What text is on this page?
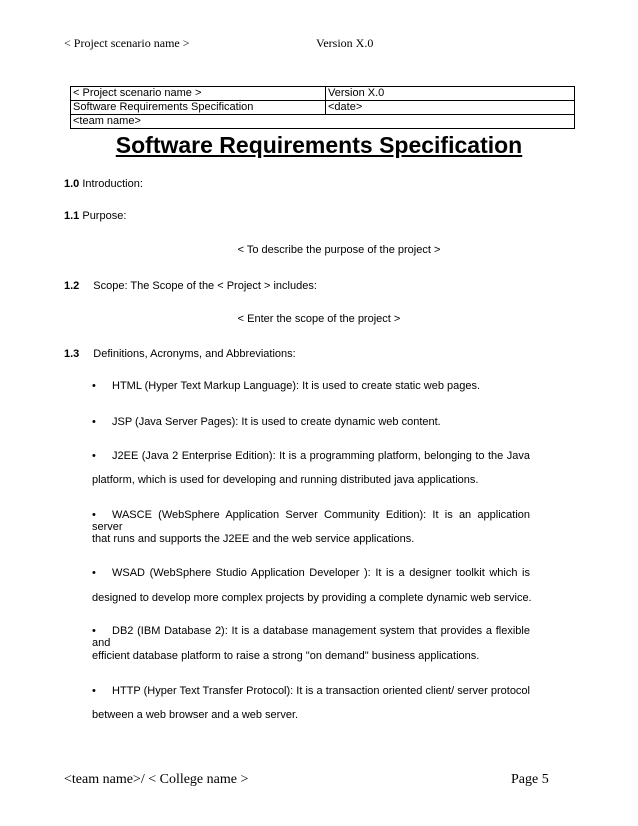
< Project scenario name >	Version X.0
< Project scenario name >	Version X.0
Software Requirements Specification	<date>
<team name>	
Software Requirements Specification
1.0 Introduction:
1.1 Purpose:
< To describe the purpose of the project >
1.2 Scope: The Scope of the < Project > includes:
< Enter the scope of the project >
1.3 Definitions, Acronyms, and Abbreviations:
• HTML (Hyper Text Markup Language): It is used to create static web pages.
• JSP (Java Server Pages): It is used to create dynamic web content.
• J2EE (Java 2 Enterprise Edition): It is a programming platform, belonging to the Java
platform, which is used for developing and running distributed java applications.
• WASCE (WebSphere Application Server Community Edition): It is an application server
that runs and supports the J2EE and the web service applications.
• WSAD (WebSphere Studio Application Developer ): It is a designer toolkit which is
designed to develop more complex projects by providing a complete dynamic web service.
• DB2 (IBM Database 2): It is a database management system that provides a flexible and
efficient database platform to raise a strong "on demand" business applications.
• HTTP (Hyper Text Transfer Protocol): It is a transaction oriented client/ server protocol
between a web browser and a web server.
<team name>/ < College name >	Page 5
